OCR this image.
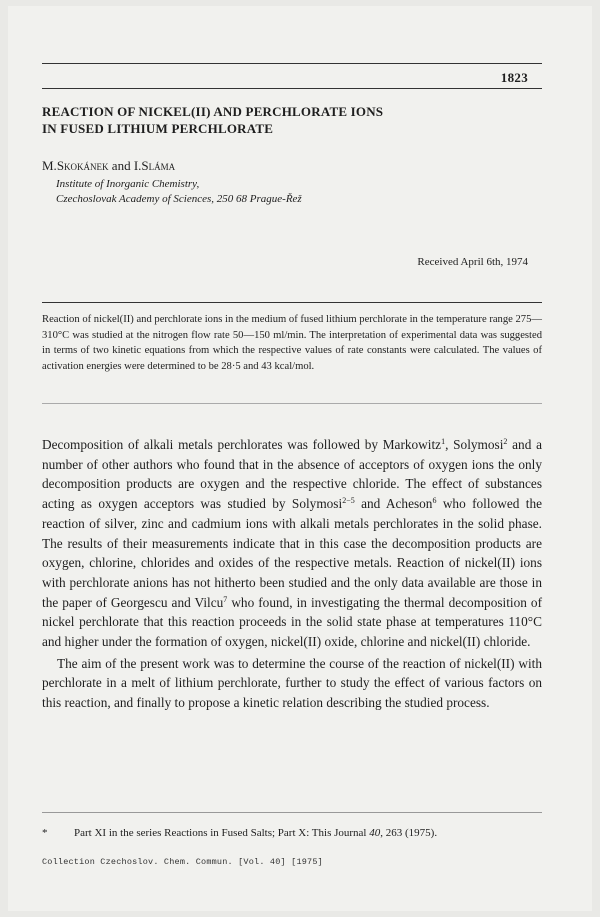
1823
REACTION OF NICKEL(II) AND PERCHLORATE IONS
IN FUSED LITHIUM PERCHLORATE
M.Skokánek and I.Sláma
Institute of Inorganic Chemistry,
Czechoslovak Academy of Sciences, 250 68 Prague-Řež
Received April 6th, 1974
Reaction of nickel(II) and perchlorate ions in the medium of fused lithium perchlorate in the temperature range 275—310°C was studied at the nitrogen flow rate 50—150 ml/min. The interpretation of experimental data was suggested in terms of two kinetic equations from which the respective values of rate constants were calculated. The values of activation energies were determined to be 28·5 and 43 kcal/mol.

Decomposition of alkali metals perchlorates was followed by Markowitz$^1$, Solymosi$^2$ and a number of other authors who found that in the absence of acceptors of oxygen ions the only decomposition products are oxygen and the respective chloride. The effect of substances acting as oxygen acceptors was studied by Solymosi$^{2-5}$ and Acheson$^6$ who followed the reaction of silver, zinc and cadmium ions with alkali metals perchlorates in the solid phase. The results of their measurements indicate that in this case the decomposition products are oxygen, chlorine, chlorides and oxides of the respective metals. Reaction of nickel(II) ions with perchlorate anions has not hitherto been studied and the only data available are those in the paper of Georgescu and Vilcu$^7$ who found, in investigating the thermal decomposition of nickel perchlorate that this reaction proceeds in the solid state phase at temperatures 110°C and higher under the formation of oxygen, nickel(II) oxide, chlorine and nickel(II) chloride.

The aim of the present work was to determine the course of the reaction of nickel(II) with perchlorate in a melt of lithium perchlorate, further to study the effect of various factors on this reaction, and finally to propose a kinetic relation describing the studied process.

* Part XI in the series Reactions in Fused Salts; Part X: This Journal 40, 263 (1975).
Collection Czechoslov. Chem. Commun. [Vol. 40] [1975]
